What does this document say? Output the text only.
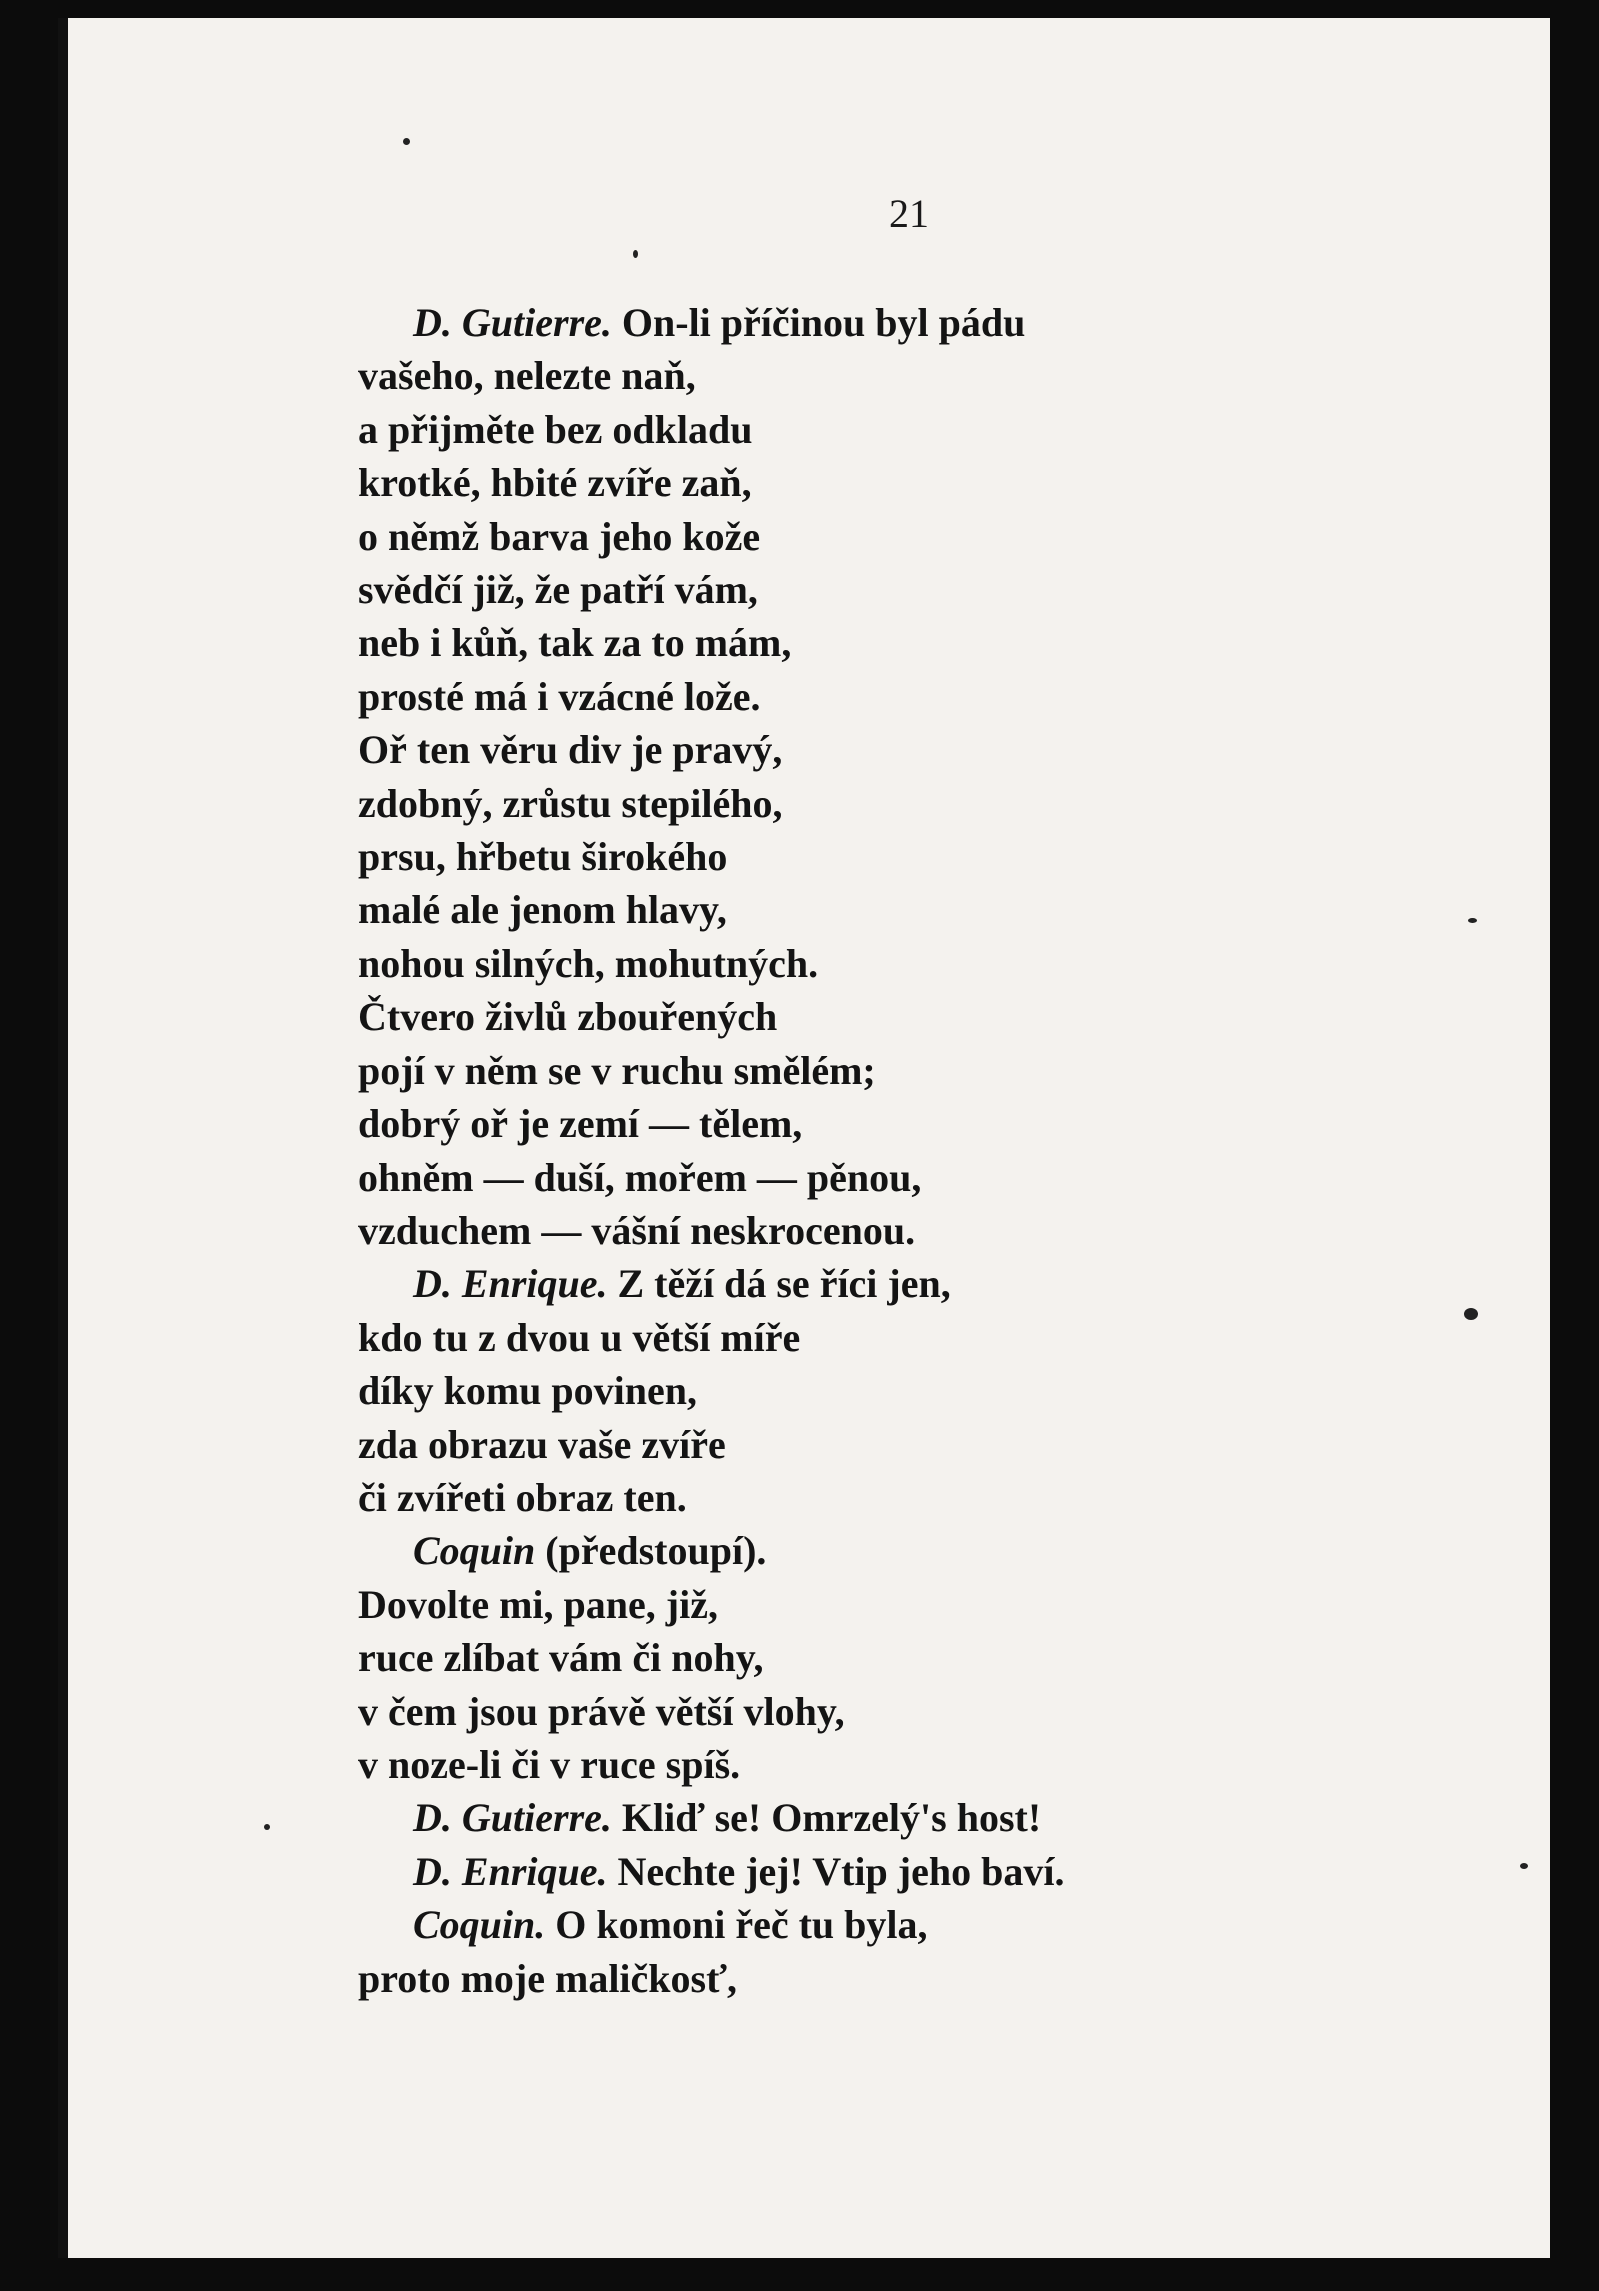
21
D. Gutierre. On-li příčinou byl pádu
vašeho, nelezte naň,
a přijměte bez odkladu
krotké, hbité zvíře zaň,
o němž barva jeho kože
svědčí již, že patří vám,
neb i kůň, tak za to mám,
prosté má i vzácné lože.
Oř ten věru div je pravý,
zdobný, zrůstu stepilého,
prsu, hřbetu širokého
malé ale jenom hlavy,
nohou silných, mohutných.
Čtvero živlů zbouřených
pojí v něm se v ruchu smělém;
dobrý oř je zemí — tělem,
ohněm — duší, mořem — pěnou,
vzduchem — vášní neskrocenou.
D. Enrique. Z těží dá se říci jen,
kdo tu z dvou u větší míře
díky komu povinen,
zda obrazu vaše zvíře
či zvířeti obraz ten.
Coquin (předstoupí).
Dovolte mi, pane, již,
ruce zlíbat vám či nohy,
v čem jsou právě větší vlohy,
v noze-li či v ruce spíš.
D. Gutierre. Kliď se! Omrzelý's host!
D. Enrique. Nechte jej! Vtip jeho baví.
Coquin. O komoni řeč tu byla,
proto moje maličkosť,
